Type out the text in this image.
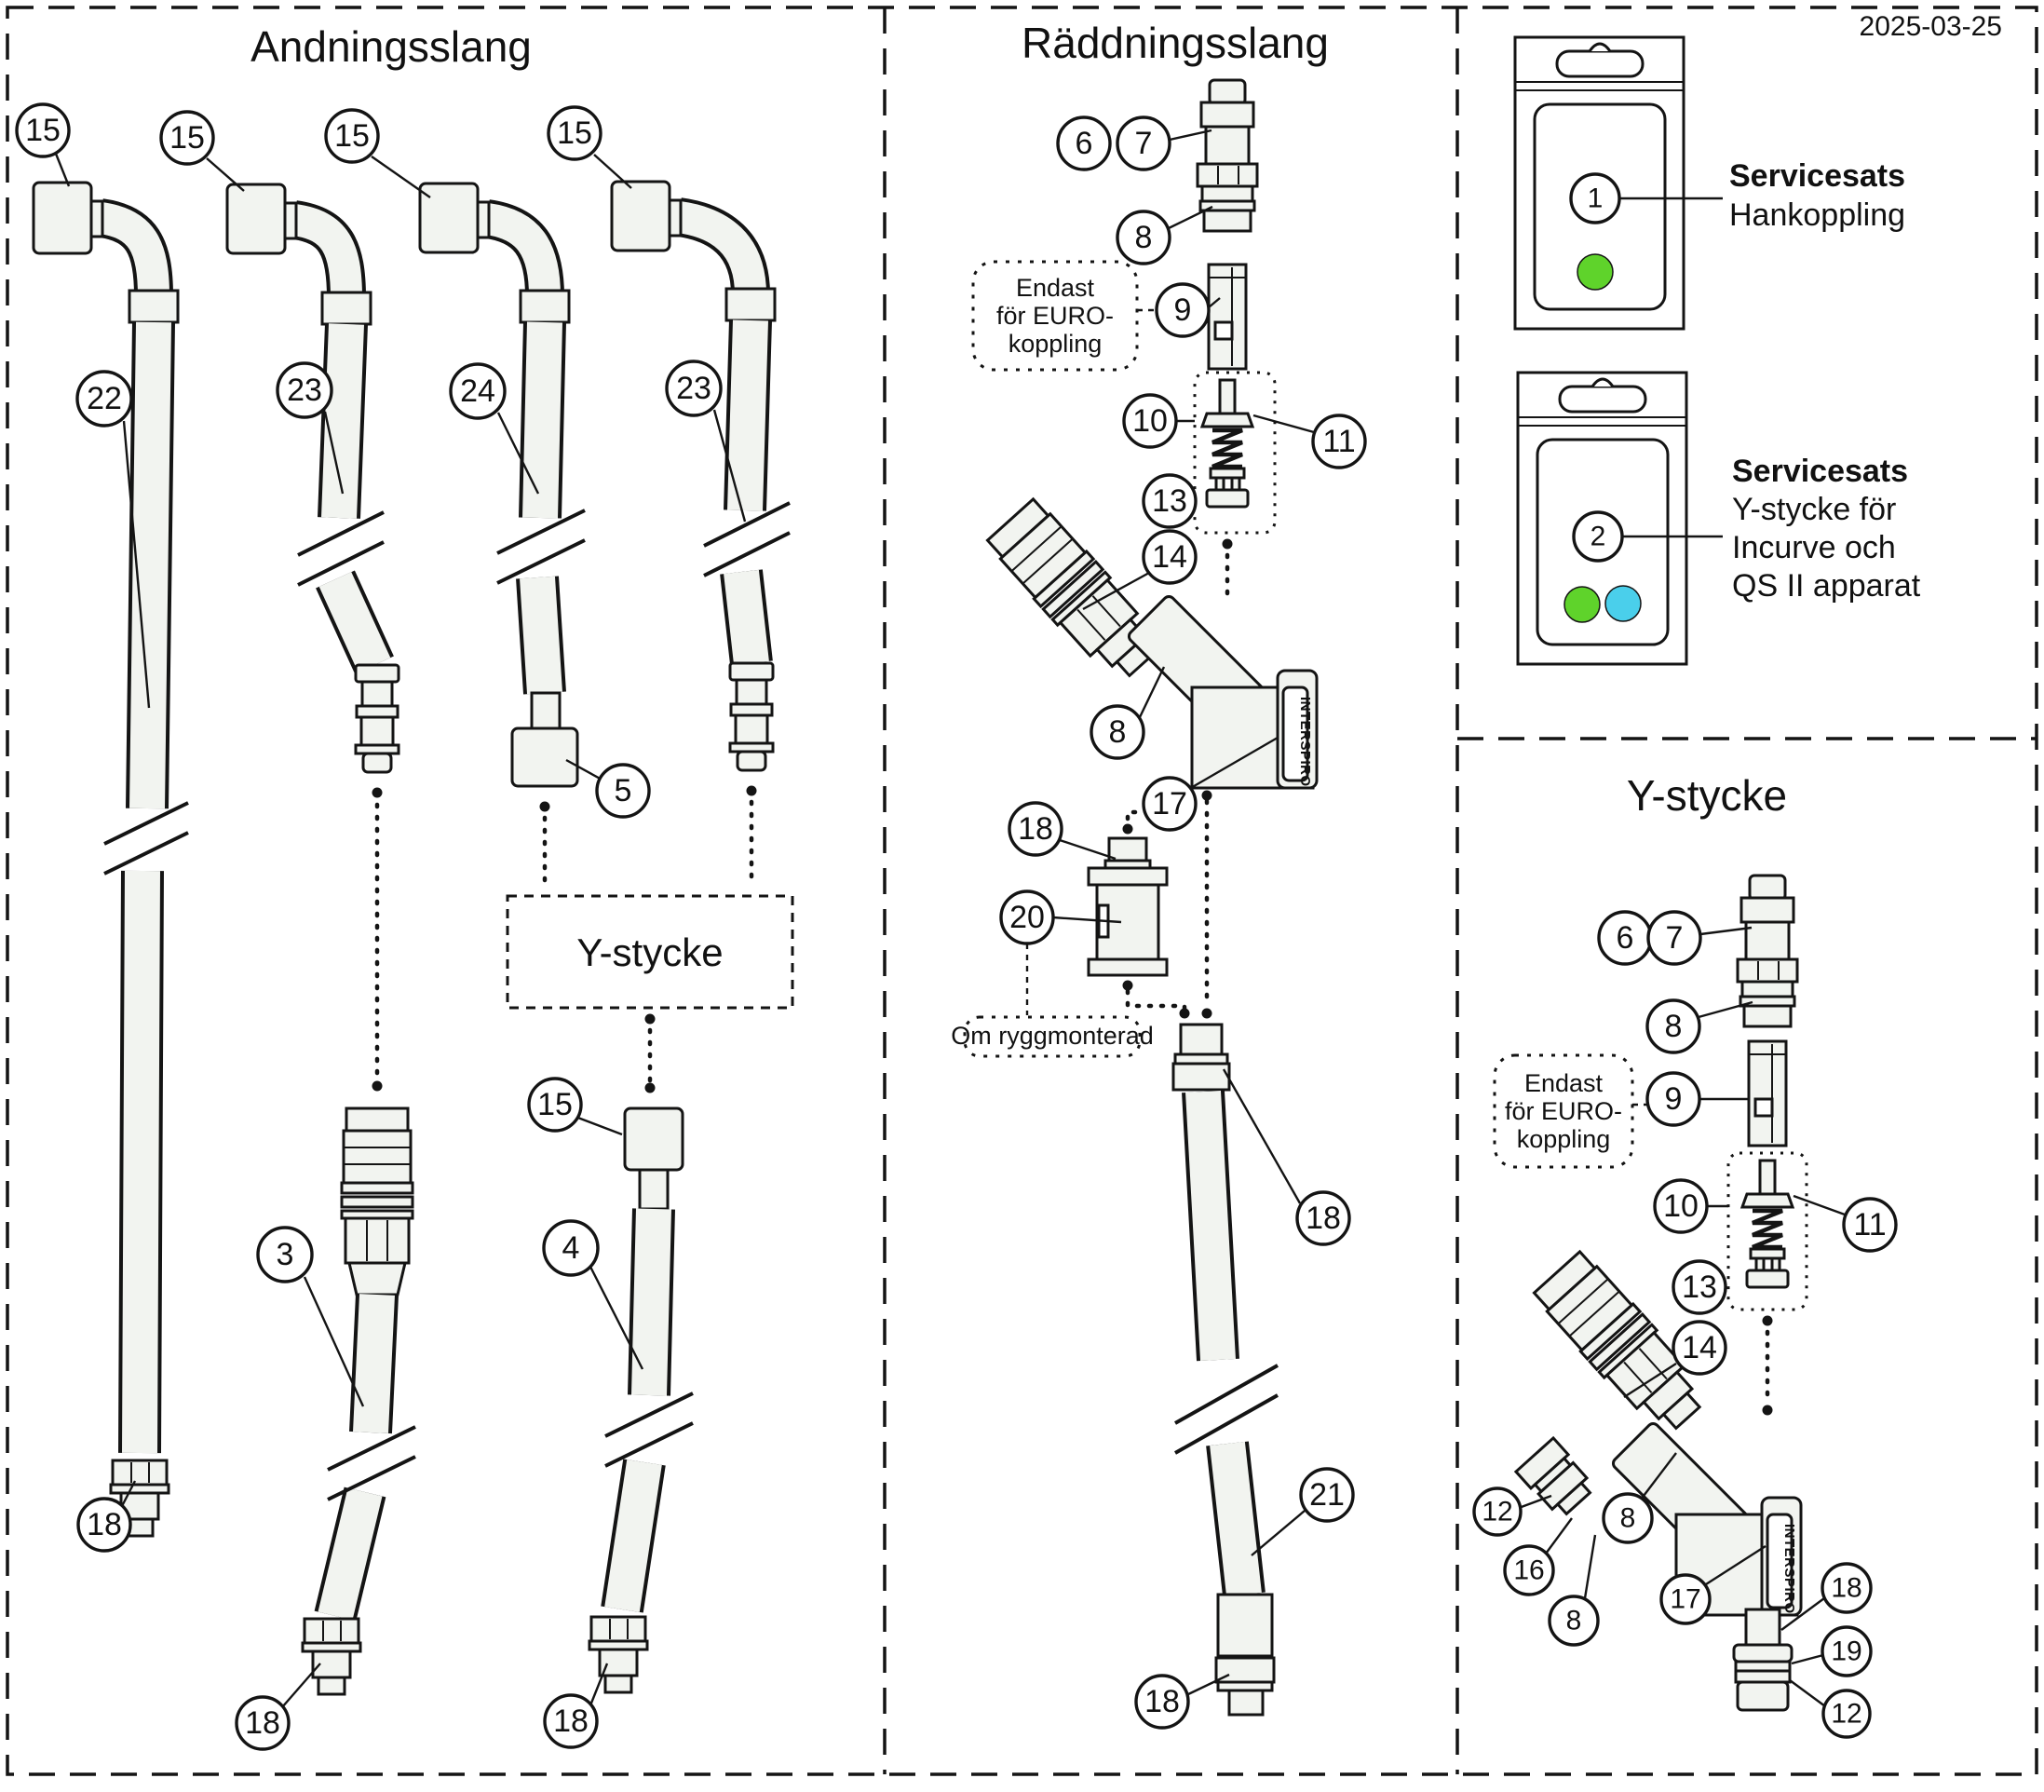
2025-03-25
Andningsslang
Y-stycke
15	15	15	15
22	23	24	23
5
3
15
4
18
18	18
Räddningsslang
INTERSPIRO
Endast
för EURO-
koppling
Om ryggmonterad
6 7
8
9
10
11
13
14
8
17
18
20
18
21
18
1
Servicesats
Hankoppling
2
Servicesats
Y-stycke för
Incurve och
QS II apparat
Y-stycke
INTERSPIRO
Endast
för EURO-
koppling
6 7
8
9
10
11
13
14
12
16
8
8
17	18
19
12
